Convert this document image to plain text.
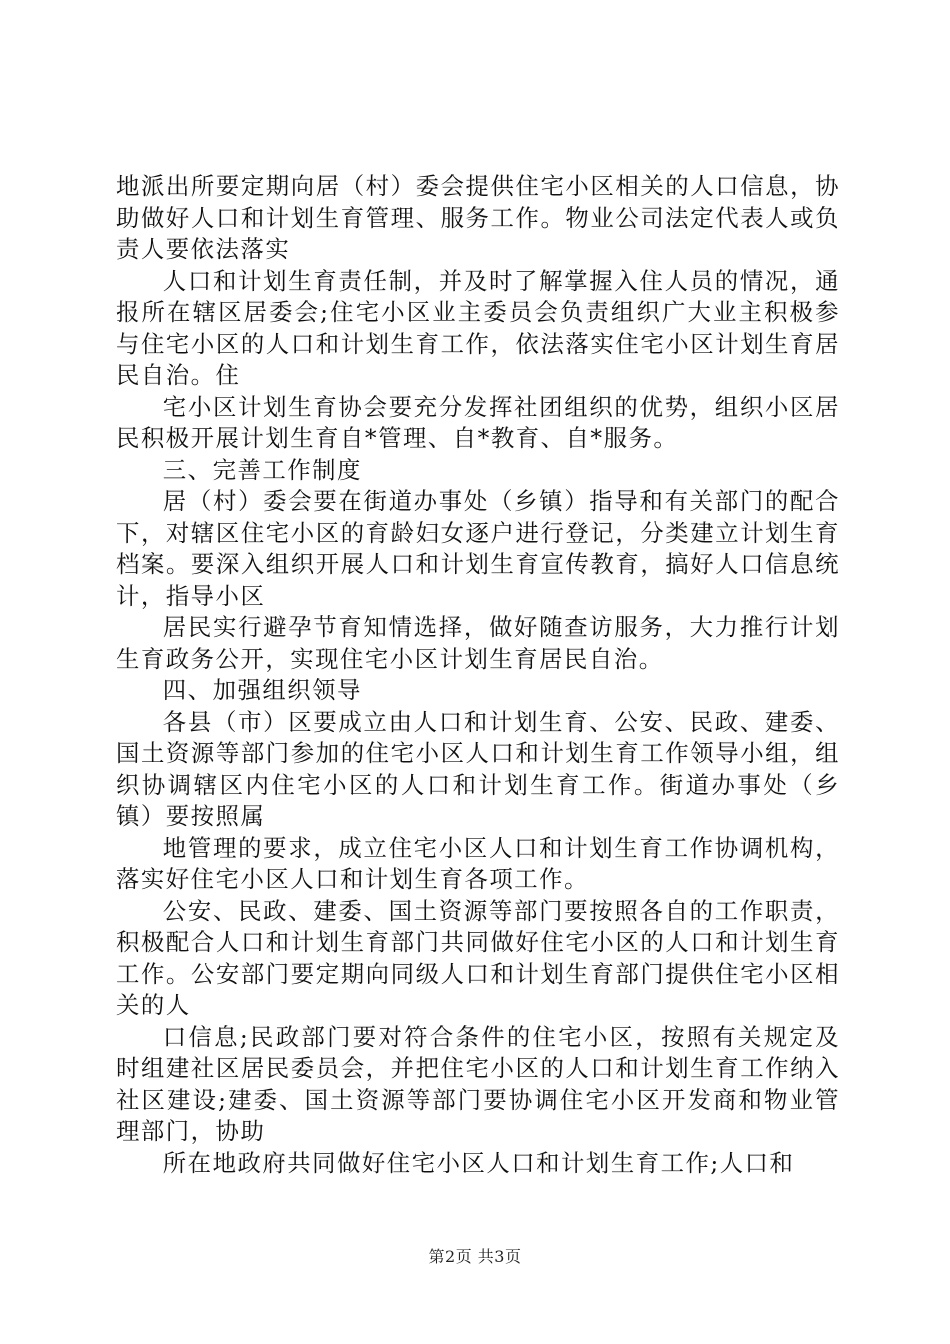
地派出所要定期向居（村）委会提供住宅小区相关的人口信息，协助做好人口和计划生育管理、服务工作。物业公司法定代表人或负责人要依法落实

人口和计划生育责任制，并及时了解掌握入住人员的情况，通报所在辖区居委会;住宅小区业主委员会负责组织广大业主积极参与住宅小区的人口和计划生育工作，依法落实住宅小区计划生育居民自治。住

宅小区计划生育协会要充分发挥社团组织的优势，组织小区居民积极开展计划生育自*管理、自*教育、自*服务。

三、完善工作制度

居（村）委会要在街道办事处（乡镇）指导和有关部门的配合下，对辖区住宅小区的育龄妇女逐户进行登记，分类建立计划生育档案。要深入组织开展人口和计划生育宣传教育，搞好人口信息统计，指导小区

居民实行避孕节育知情选择，做好随查访服务，大力推行计划生育政务公开，实现住宅小区计划生育居民自治。

四、加强组织领导

各县（市）区要成立由人口和计划生育、公安、民政、建委、国土资源等部门参加的住宅小区人口和计划生育工作领导小组，组织协调辖区内住宅小区的人口和计划生育工作。街道办事处（乡镇）要按照属

地管理的要求，成立住宅小区人口和计划生育工作协调机构，落实好住宅小区人口和计划生育各项工作。

公安、民政、建委、国土资源等部门要按照各自的工作职责，积极配合人口和计划生育部门共同做好住宅小区的人口和计划生育工作。公安部门要定期向同级人口和计划生育部门提供住宅小区相关的人

口信息;民政部门要对符合条件的住宅小区，按照有关规定及时组建社区居民委员会，并把住宅小区的人口和计划生育工作纳入社区建设;建委、国土资源等部门要协调住宅小区开发商和物业管理部门，协助

所在地政府共同做好住宅小区人口和计划生育工作;人口和

第2页 共3页
